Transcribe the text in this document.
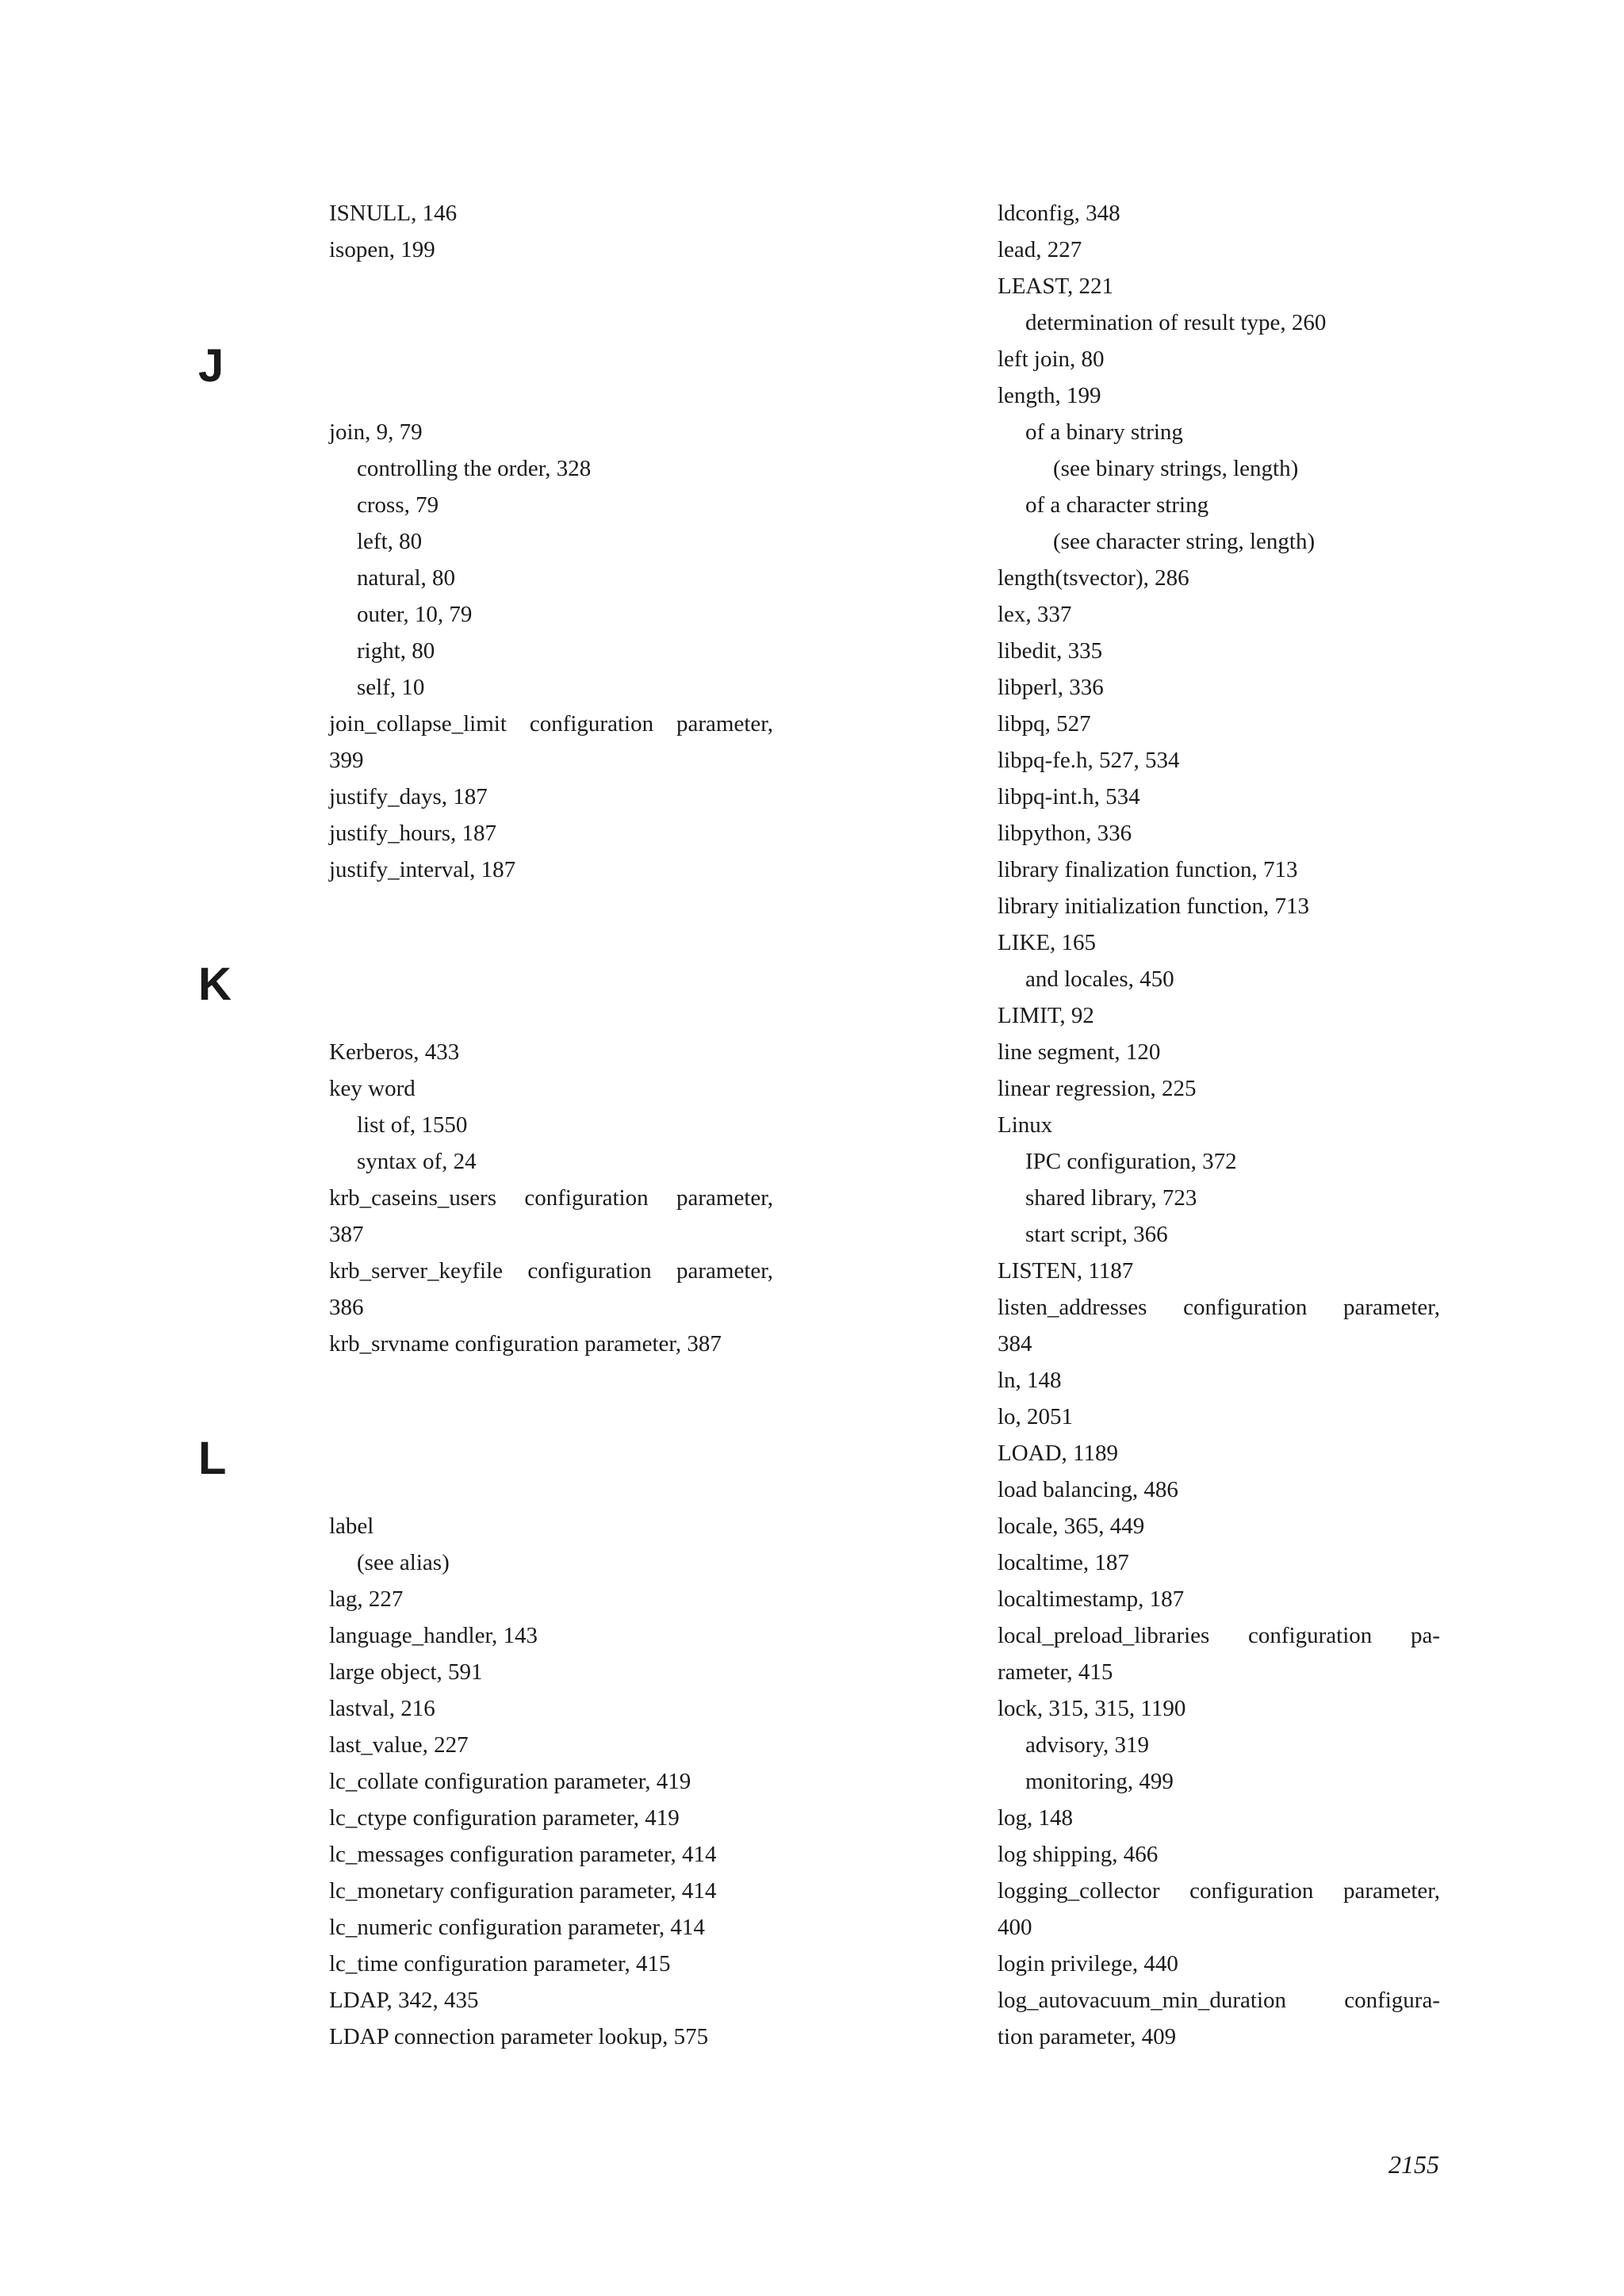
J
K
L
ISNULL, 146
isopen, 199
join, 9, 79
controlling the order, 328
cross, 79
left, 80
natural, 80
outer, 10, 79
right, 80
self, 10
join_collapse_limit configuration parameter,
399
justify_days, 187
justify_hours, 187
justify_interval, 187
Kerberos, 433
key word
list of, 1550
syntax of, 24
krb_caseins_users configuration parameter,
387
krb_server_keyfile configuration parameter,
386
krb_srvname configuration parameter, 387
label
(see alias)
lag, 227
language_handler, 143
large object, 591
lastval, 216
last_value, 227
lc_collate configuration parameter, 419
lc_ctype configuration parameter, 419
lc_messages configuration parameter, 414
lc_monetary configuration parameter, 414
lc_numeric configuration parameter, 414
lc_time configuration parameter, 415
LDAP, 342, 435
LDAP connection parameter lookup, 575
ldconfig, 348
lead, 227
LEAST, 221
determination of result type, 260
left join, 80
length, 199
of a binary string
(see binary strings, length)
of a character string
(see character string, length)
length(tsvector), 286
lex, 337
libedit, 335
libperl, 336
libpq, 527
libpq-fe.h, 527, 534
libpq-int.h, 534
libpython, 336
library finalization function, 713
library initialization function, 713
LIKE, 165
and locales, 450
LIMIT, 92
line segment, 120
linear regression, 225
Linux
IPC configuration, 372
shared library, 723
start script, 366
LISTEN, 1187
listen_addresses configuration parameter,
384
ln, 148
lo, 2051
LOAD, 1189
load balancing, 486
locale, 365, 449
localtime, 187
localtimestamp, 187
local_preload_libraries configuration pa-
rameter, 415
lock, 315, 315, 1190
advisory, 319
monitoring, 499
log, 148
log shipping, 466
logging_collector configuration parameter,
400
login privilege, 440
log_autovacuum_min_duration configura-
tion parameter, 409
2155
